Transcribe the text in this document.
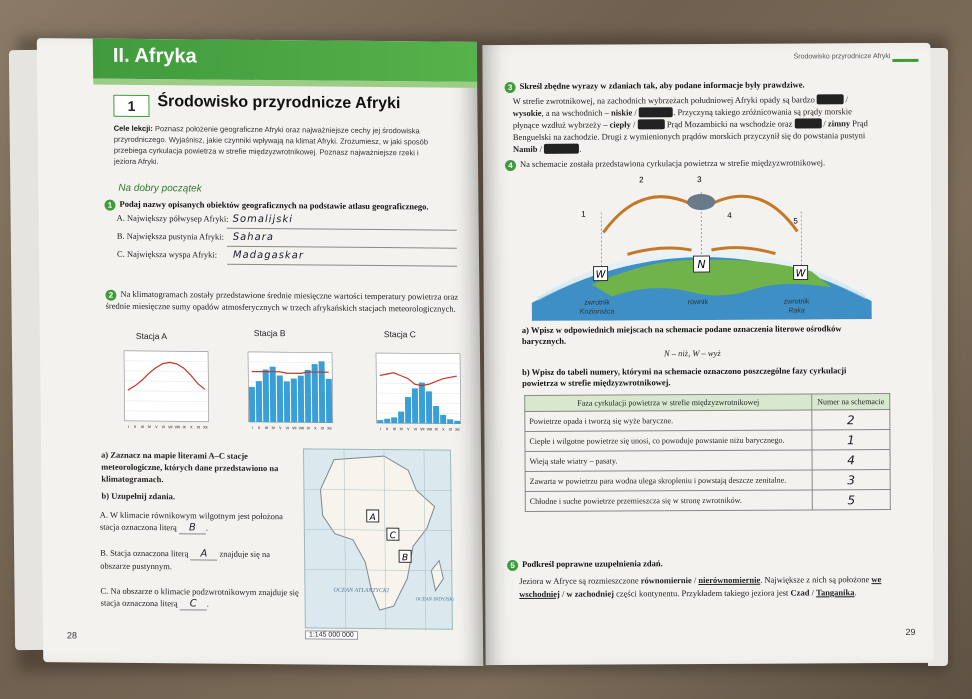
II. Afryka
1	Środowisko przyrodnicze Afryki
Cele lekcji: Poznasz położenie geograficzne Afryki oraz najważniejsze cechy jej środowiska przyrodniczego. Wyjaśnisz, jakie czynniki wpływają na klimat Afryki. Zrozumiesz, w jaki sposób przebiega cyrkulacja powietrza w strefie międzyzwrotnikowej. Poznasz najważniejsze rzeki i jeziora Afryki.
Na dobry początek
1 Podaj nazwy opisanych obiektów geograficznych na podstawie atlasu geograficznego.
A. Największy półwysep Afryki: Somalijski
B. Największa pustynia Afryki: Sahara
C. Największa wyspa Afryki: Madagaskar
2 Na klimatogramach zostały przedstawione średnie miesięczne wartości temperatury powietrza oraz średnie miesięczne sumy opadów atmosferycznych w trzech afrykańskich stacjach meteorologicznych.
Stacja A	Stacja B	Stacja C
I II III IV V VI VII VIII IX X XI XII	I II III IV V VI VII VIII IX X XI XII	I II III IV V VI VII VIII IX X XI XII
a) Zaznacz na mapie literami A–C stacje meteorologiczne, których dane przedstawiono na klimatogramach.
b) Uzupełnij zdania.
A. W klimacie równikowym wilgotnym jest położona stacja oznaczona literą B .
B. Stacja oznaczona literą A znajduje się na obszarze pustynnym.
C. Na obszarze o klimacie podzwrotnikowym znajduje się stacja oznaczona literą C .
A
C
B
OCEAN ATLANTYCKI
OCEAN INDYJSKI
1:145 000 000
28
Środowisko przyrodnicze Afryki
3 Skreśl zbędne wyrazy w zdaniach tak, aby podane informacje były prawdziwe.
W strefie zwrotnikowej, na zachodnich wybrzeżach południowej Afryki opady są bardzo	/ wysokie, a na wschodnich – niskie /	. Przyczyną takiego zróżnicowania są prądy morskie płynące wzdłuż wybrzeży – ciepły /	Prąd Mozambicki na wschodzie oraz	/ zimny Prąd Benguelski na zachodzie. Drugi z wymienionych prądów morskich przyczynił się do powstania pustyni Namib /	.
4 Na schemacie została przedstawiona cyrkulacja powietrza w strefie międzyzwrotnikowej.
W
N
W
1
2	3
4
5
zwrotnik
Koziorożca
równik	zwrotnik
Raka
a) Wpisz w odpowiednich miejscach na schemacie podane oznaczenia literowe ośrodków barycznych.
N – niż, W – wyż
b) Wpisz do tabeli numery, którymi na schemacie oznaczono poszczególne fazy cyrkulacji powietrza w strefie międzyzwrotnikowej.
Faza cyrkulacji powietrza w strefie międzyzwrotnikowej	Numer na schemacie
Powietrze opada i tworzą się wyże baryczne.	2
Ciepłe i wilgotne powietrze się unosi, co powoduje powstanie niżu barycznego.	1
Wieją stałe wiatry – pasaty.	4
Zawarta w powietrzu para wodna ulega skropleniu i powstają deszcze zenitalne.	3
Chłodne i suche powietrze przemieszcza się w stronę zwrotników.	5
5 Podkreśl poprawne uzupełnienia zdań.
Jeziora w Afryce są rozmieszczone równomiernie / nierównomiernie. Największe z nich są położone we wschodniej / w zachodniej części kontynentu. Przykładem takiego jeziora jest Czad / Tanganika.
29
